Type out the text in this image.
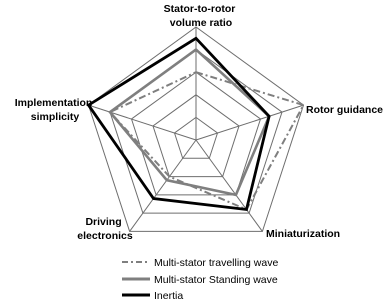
Stator-to-rotor volume ratio
Rotor guidance
Miniaturization
Driving electronics
Implementation simplicity
Multi-stator travelling wave
Multi-stator Standing wave
Inertia
